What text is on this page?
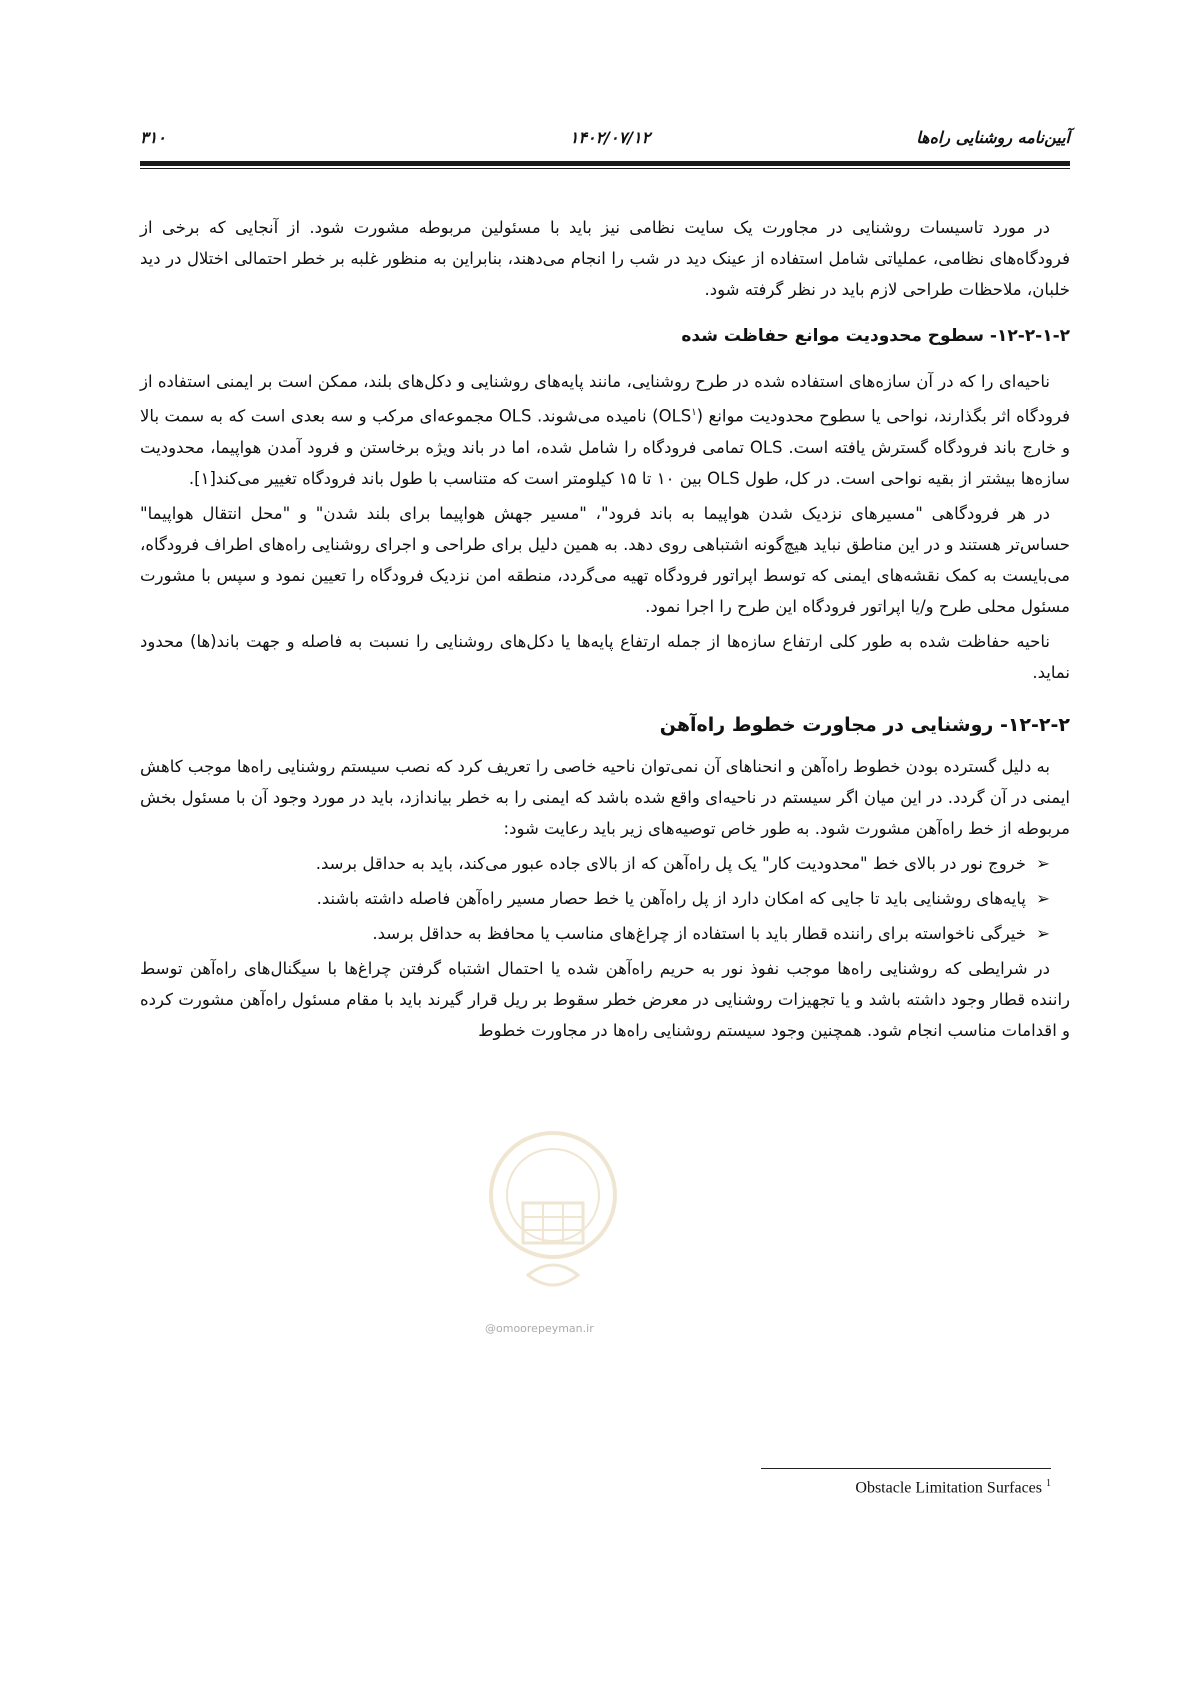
۳۱۰	۱۴۰۲/۰۷/۱۲	آیین‌نامه روشنایی راه‌ها

در مورد تاسیسات روشنایی در مجاورت یک سایت نظامی نیز باید با مسئولین مربوطه مشورت شود. از آنجایی که برخی از فرودگاه‌های نظامی، عملیاتی شامل استفاده از عینک دید در شب را انجام می‌دهند، بنابراین به منظور غلبه بر خطر احتمالی اختلال در دید خلبان، ملاحظات طراحی لازم باید در نظر گرفته شود.

۱۲-۲-۱-۲- سطوح محدودیت موانع حفاظت شده

ناحیه‌ای را که در آن سازه‌های استفاده شده در طرح روشنایی، مانند پایه‌های روشنایی و دکل‌های بلند، ممکن است بر ایمنی استفاده از فرودگاه اثر بگذارند، نواحی یا سطوح محدودیت موانع (OLS$^۱$) نامیده می‌شوند. OLS مجموعه‌ای مرکب و سه بعدی است که به سمت بالا و خارج باند فرودگاه گسترش یافته است. OLS تمامی فرودگاه را شامل شده، اما در باند ویژه برخاستن و فرود آمدن هواپیما، محدودیت سازه‌ها بیشتر از بقیه نواحی است. در کل، طول OLS بین ۱۰ تا ۱۵ کیلومتر است که متناسب با طول باند فرودگاه تغییر می‌کند[۱].

در هر فرودگاهی "مسیرهای نزدیک شدن هواپیما به باند فرود"، "مسیر جهش هواپیما برای بلند شدن" و "محل انتقال هواپیما" حساس‌تر هستند و در این مناطق نباید هیچ‌گونه اشتباهی روی دهد. به همین دلیل برای طراحی و اجرای روشنایی راه‌های اطراف فرودگاه، می‌بایست به کمک نقشه‌های ایمنی که توسط اپراتور فرودگاه تهیه می‌گردد، منطقه امن نزدیک فرودگاه را تعیین نمود و سپس با مشورت مسئول محلی طرح و/یا اپراتور فرودگاه این طرح را اجرا نمود.

ناحیه حفاظت شده به طور کلی ارتفاع سازه‌ها از جمله ارتفاع پایه‌ها یا دکل‌های روشنایی را نسبت به فاصله و جهت باند(ها) محدود نماید.

۱۲-۲-۲- روشنایی در مجاورت خطوط راه‌آهن

به دلیل گسترده بودن خطوط راه‌آهن و انحناهای آن نمی‌توان ناحیه خاصی را تعریف کرد که نصب سیستم روشنایی راه‌ها موجب کاهش ایمنی در آن گردد. در این میان اگر سیستم در ناحیه‌ای واقع شده باشد که ایمنی را به خطر بیاندازد، باید در مورد وجود آن با مسئول بخش مربوطه از خط راه‌آهن مشورت شود. به طور خاص توصیه‌های زیر باید رعایت شود:

➢
خروج نور در بالای خط "محدودیت کار" یک پل راه‌آهن که از بالای جاده عبور می‌کند، باید به حداقل برسد.

➢
پایه‌های روشنایی باید تا جایی که امکان دارد از پل راه‌آهن یا خط حصار مسیر راه‌آهن فاصله داشته باشند.

➢
خیرگی ناخواسته برای راننده قطار باید با استفاده از چراغ‌های مناسب یا محافظ به حداقل برسد.

در شرایطی که روشنایی راه‌ها موجب نفوذ نور به حریم راه‌آهن شده یا احتمال اشتباه گرفتن چراغ‌ها با سیگنال‌های راه‌آهن توسط راننده قطار وجود داشته باشد و یا تجهیزات روشنایی در معرض خطر سقوط بر ریل قرار گیرند باید با مقام مسئول راه‌آهن مشورت کرده و اقدامات مناسب انجام شود. همچنین وجود سیستم روشنایی راه‌ها در مجاورت خطوط

@omoorepeyman.ir
$^1$ Obstacle Limitation Surfaces
